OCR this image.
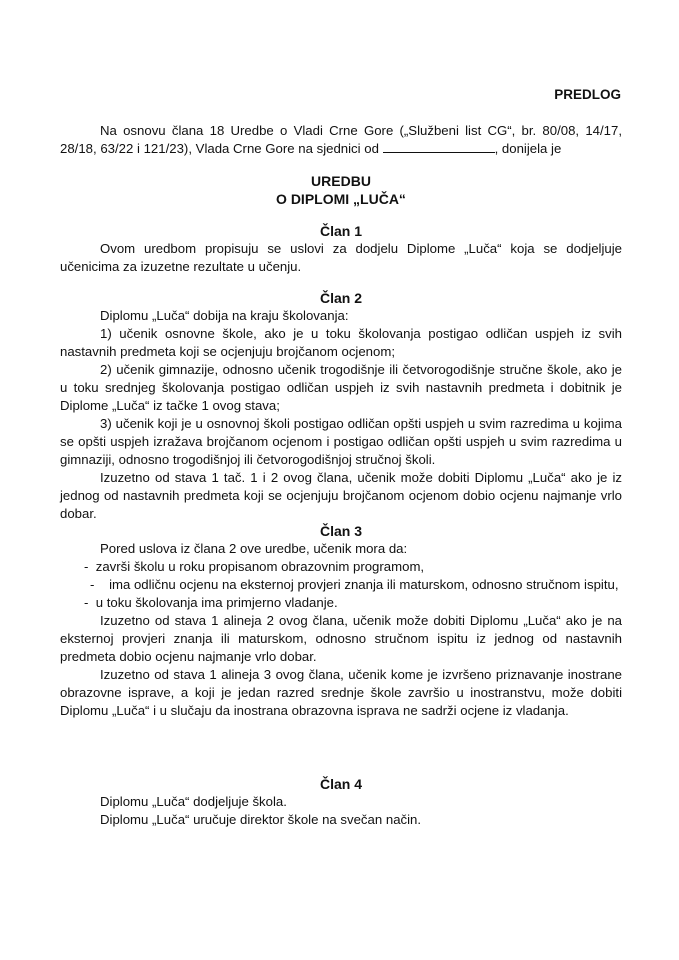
PREDLOG

Na osnovu člana 18 Uredbe o Vladi Crne Gore („Službeni list CG“, br. 80/08, 14/17, 28/18, 63/22 i 121/23), Vlada Crne Gore na sjednici od	, donijela je

UREDBU

O DIPLOMI „LUČA“

Član 1

Ovom uredbom propisuju se uslovi za dodjelu Diplome „Luča“ koja se dodjeljuje učenicima za izuzetne rezultate u učenju.

Član 2

Diplomu „Luča“ dobija na kraju školovanja:

1) učenik osnovne škole, ako je u toku školovanja postigao odličan uspjeh iz svih nastavnih predmeta koji se ocjenjuju brojčanom ocjenom;

2) učenik gimnazije, odnosno učenik trogodišnje ili četvorogodišnje stručne škole, ako je u toku srednjeg školovanja postigao odličan uspjeh iz svih nastavnih predmeta i dobitnik je Diplome „Luča“ iz tačke 1 ovog stava;

3) učenik koji je u osnovnoj školi postigao odličan opšti uspjeh u svim razredima u kojima se opšti uspjeh izražava brojčanom ocjenom i postigao odličan opšti uspjeh u svim razredima u gimnaziji, odnosno trogodišnjoj ili četvorogodišnjoj stručnoj školi.

Izuzetno od stava 1 tač. 1 i 2 ovog člana, učenik može dobiti Diplomu „Luča“ ako je iz jednog od nastavnih predmeta koji se ocjenjuju brojčanom ocjenom dobio ocjenu najmanje vrlo dobar.

Član 3

Pored uslova iz člana 2 ove uredbe, učenik mora da:

-  završi školu u roku propisanom obrazovnim programom,

-    ima odličnu ocjenu na eksternoj provjeri znanja ili maturskom, odnosno stručnom ispitu,

-  u toku školovanja ima primjerno vladanje.

Izuzetno od stava 1 alineja 2 ovog člana, učenik može dobiti Diplomu „Luča“ ako je na eksternoj provjeri znanja ili maturskom, odnosno stručnom ispitu iz jednog od nastavnih predmeta dobio ocjenu najmanje vrlo dobar.

Izuzetno od stava 1 alineja 3 ovog člana, učenik kome je izvršeno priznavanje inostrane obrazovne isprave, a koji je jedan razred srednje škole završio u inostranstvu, može dobiti Diplomu „Luča“ i u slučaju da inostrana obrazovna isprava ne sadrži ocjene iz vladanja.

Član 4

Diplomu „Luča“ dodjeljuje škola.

Diplomu „Luča“ uručuje direktor škole na svečan način.
